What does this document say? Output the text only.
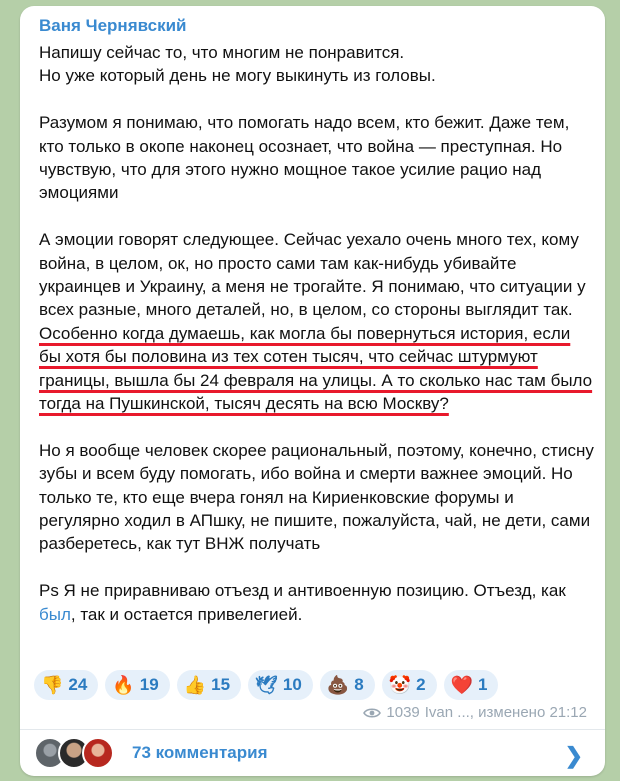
Ваня Чернявский
Напишу сейчас то, что многим не понравится.
Но уже который день не могу выкинуть из головы.
Разумом я понимаю, что помогать надо всем, кто бежит. Даже тем, кто только в окопе наконец осознает, что война — преступная. Но чувствую, что для этого нужно мощное такое усилие рацио над эмоциями
А эмоции говорят следующее. Сейчас уехало очень много тех, кому война, в целом, ок, но просто сами там как-нибудь убивайте украинцев и Украину, а меня не трогайте. Я понимаю, что ситуации у всех разные, много деталей, но, в целом, со стороны выглядит так. Особенно когда думаешь, как могла бы повернуться история, если бы хотя бы половина из тех сотен тысяч, что сейчас штурмуют границы, вышла бы 24 февраля на улицы. А то сколько нас там было тогда на Пушкинской, тысяч десять на всю Москву?
Но я вообще человек скорее рациональный, поэтому, конечно, стисну зубы и всем буду помогать, ибо война и смерти важнее эмоций. Но только те, кто еще вчера гонял на Кириенковские форумы и регулярно ходил в АПшку, не пишите, пожалуйста, чай, не дети, сами разберетесь, как тут ВНЖ получать
Ps Я не приравниваю отъезд и антивоенную позицию. Отъезд, как был, так и остается привелегией.
👎 24 🔥 19 👍 15 🕊 10 💩 8 🤡 2 ❤️ 1
1039 Ivan ..., изменено 21:12
73 комментария	❯
